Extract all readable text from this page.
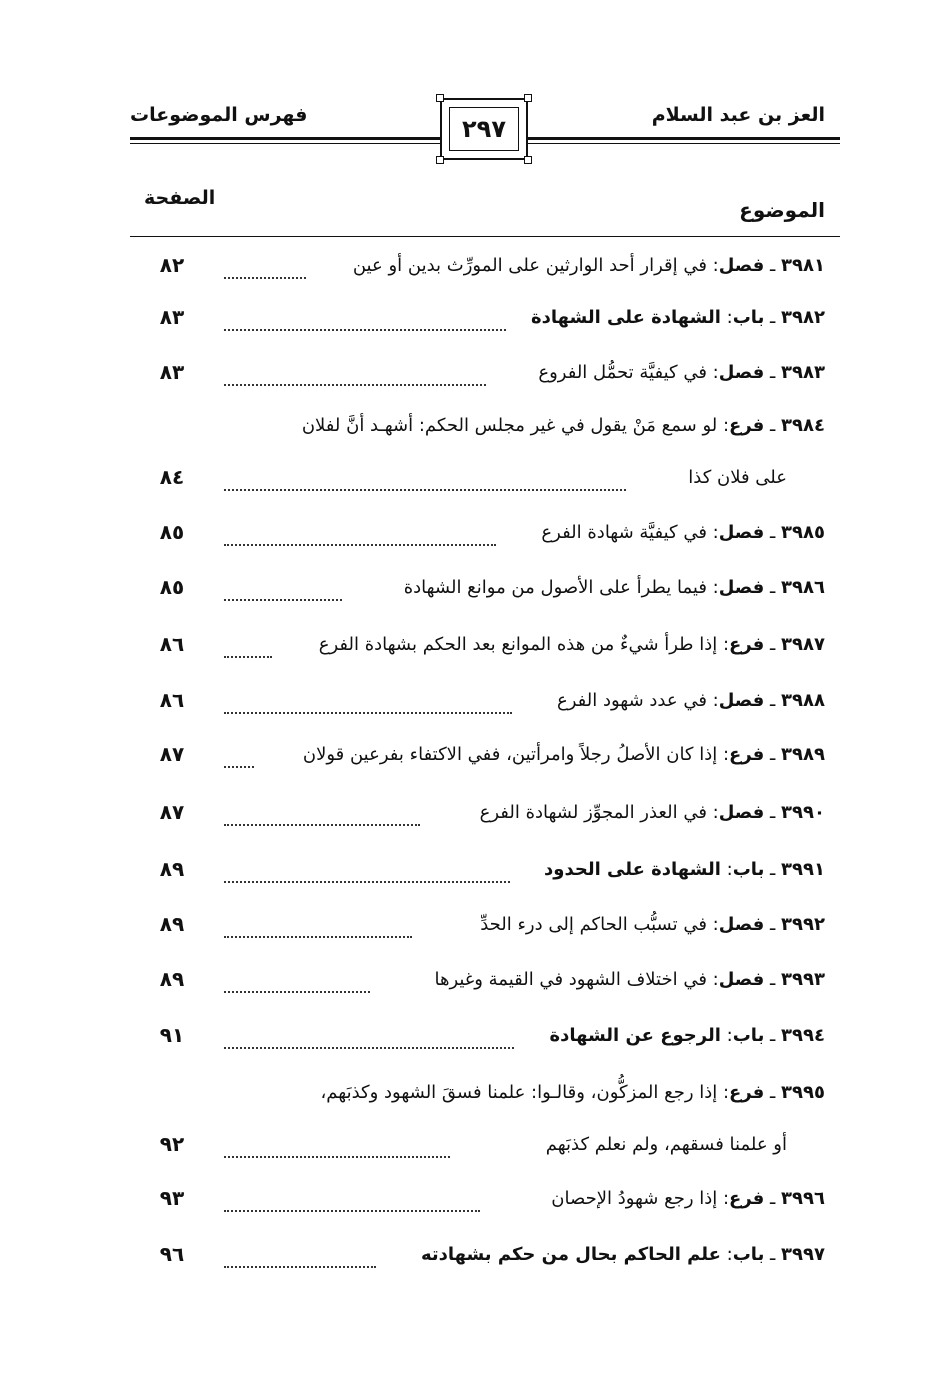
العز بن عبد السلام
فهرس الموضوعات	٢٩٧
الموضوع
الصفحة
٨٢	٣٩٨١ ـ فصل: في إقرار أحد الوارثين على المورِّث بدين أو عين
٨٣	٣٩٨٢ ـ باب: الشهادة على الشهادة
٨٣	٣٩٨٣ ـ فصل: في كيفيَّة تحمُّل الفروع
٣٩٨٤ ـ فرع: لو سمع مَنْ يقول في غير مجلس الحكم: أشهـد أنَّ لفلان
٨٤	على فلان كذا
٨٥	٣٩٨٥ ـ فصل: في كيفيَّة شهادة الفرع
٨٥	٣٩٨٦ ـ فصل: فيما يطرأ على الأصول من موانع الشهادة
٨٦	٣٩٨٧ ـ فرع: إذا طرأ شيءٌ من هذه الموانع بعد الحكم بشهادة الفرع
٨٦	٣٩٨٨ ـ فصل: في عدد شهود الفرع
٨٧	٣٩٨٩ ـ فرع: إذا كان الأصلُ رجلاً وامرأتين، ففي الاكتفاء بفرعين قولان
٨٧	٣٩٩٠ ـ فصل: في العذر المجوِّز لشهادة الفرع
٨٩	٣٩٩١ ـ باب: الشهادة على الحدود
٨٩	٣٩٩٢ ـ فصل: في تسبُّب الحاكم إلى درء الحدِّ
٨٩	٣٩٩٣ ـ فصل: في اختلاف الشهود في القيمة وغيرها
٩١	٣٩٩٤ ـ باب: الرجوع عن الشهادة
٣٩٩٥ ـ فرع: إذا رجع المزكُّون، وقالـوا: علمنا فسقَ الشهود وكذبَهم،
٩٢	أو علمنا فسقهم، ولم نعلم كذبَهم
٩٣	٣٩٩٦ ـ فرع: إذا رجع شهودُ الإحصان
٩٦	٣٩٩٧ ـ باب: علم الحاكم بحال من حكم بشهادته
